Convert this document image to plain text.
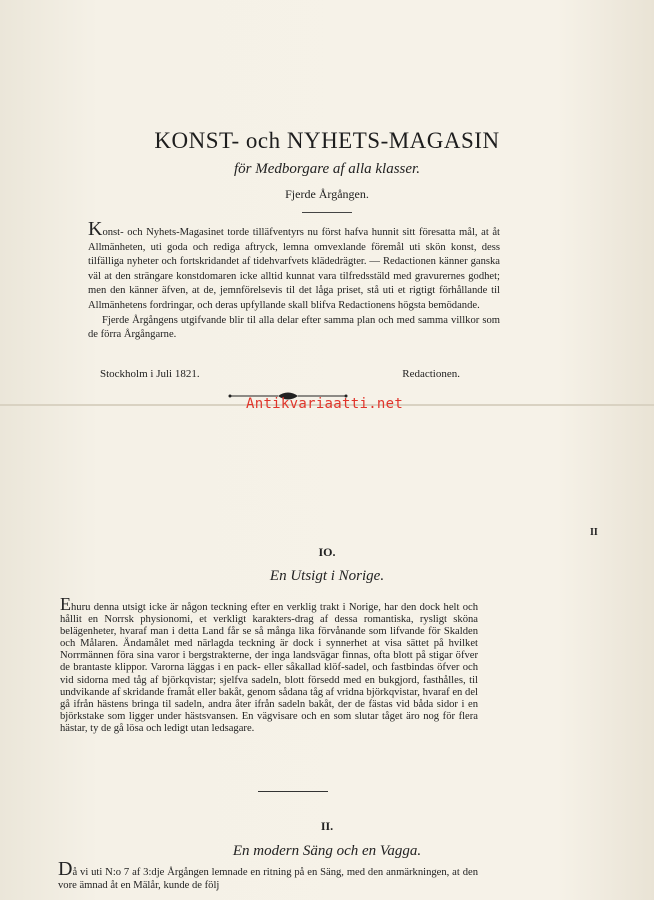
KONST- och NYHETS-MAGASIN
för Medborgare af alla klasser.
Fjerde Årgången.

Konst- och Nyhets-Magasinet torde tilläfventyrs nu först hafva hunnit sitt föresatta mål, at åt Allmänheten, uti goda och rediga aftryck, lemna omvexlande föremål uti skön konst, dess tilfälliga nyheter och fortskridandet af tidehvarfvets klädedrägter. — Redactionen känner ganska väl at den strängare konstdomaren icke alltid kunnat vara tilfredsstäld med gravurernes godhet; men den känner äfven, at de, jemnförelsevis til det låga priset, stå uti et rigtigt förhållande til Allmänhetens fordringar, och deras upfyllande skall blifva Redactionens högsta bemödande.

Fjerde Årgångens utgifvande blir til alla delar efter samma plan och med samma villkor som de förra Årgångarne.

Stockholm i Juli 1821.	Redactionen.
Antikvariaatti.net
II
IO.
En Utsigt i Norige.
Ehuru denna utsigt icke är någon teckning efter en verklig trakt i Norige, har den dock helt och hållit en Norrsk physionomi, et verkligt karakters-drag af dessa romantiska, rysligt sköna belägenheter, hvaraf man i detta Land får se så många lika förvånande som lifvande för Skalden och Målaren. Ändamålet med närlagda teckning är dock i synnerhet at visa sättet på hvilket Norrmännen föra sina varor i bergstrakterne, der inga landsvägar finnas, ofta blott på stigar öfver de brantaste klippor. Varorna läggas i en pack- eller såkallad klöf-sadel, och fastbindas öfver och vid sidorna med tåg af björkqvistar; sjelfva sadeln, blott försedd med en bukgjord, fasthålles, til undvikande af skridande framåt eller bakåt, genom sådana tåg af vridna björkqvistar, hvaraf en del gå ifrån hästens bringa til sadeln, andra åter ifrån sadeln bakåt, der de fästas vid båda sidor i en björkstake som ligger under hästsvansen. En vägvisare och en som slutar tåget äro nog för flera hästar, ty de gå lösa och ledigt utan ledsagare.
II.
En modern Säng och en Vagga.
Då vi uti N:o 7 af 3:dje Årgången lemnade en ritning på en Säng, med den anmärkningen, at den vore ämnad åt en Mälår, kunde de följ
